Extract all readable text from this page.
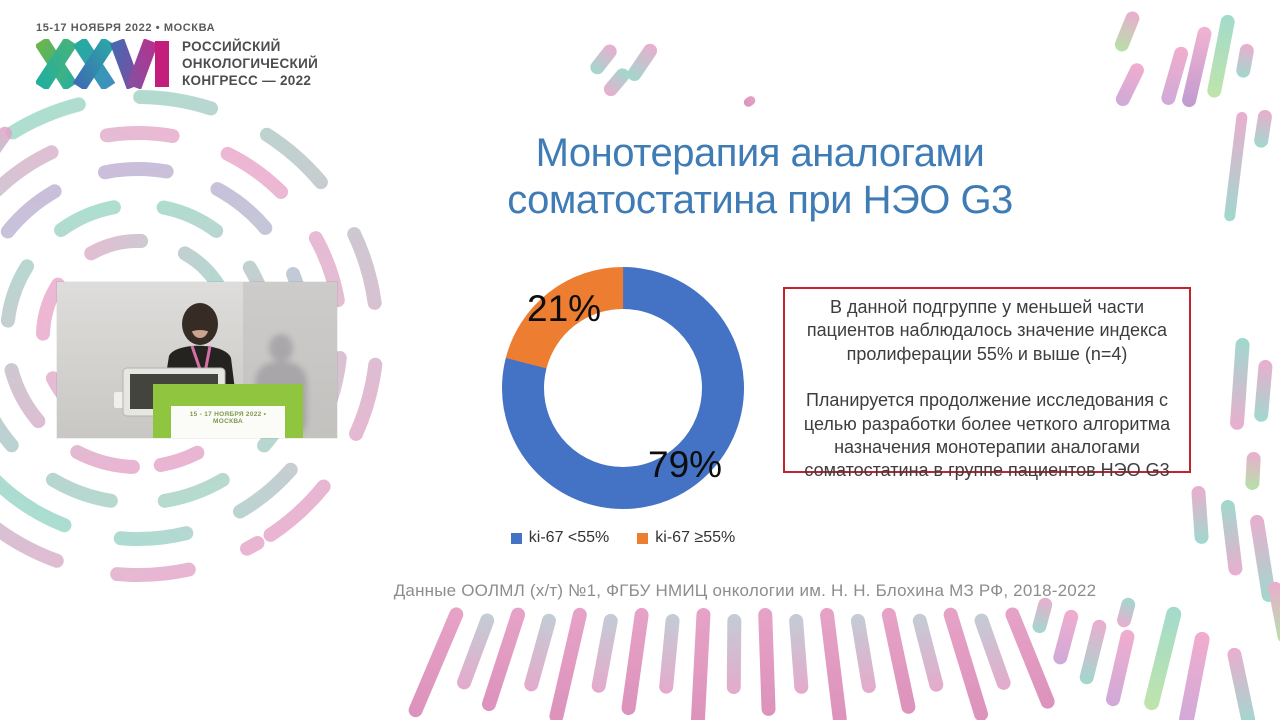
15-17 НОЯБРЯ 2022 • МОСКВА
РОССИЙСКИЙ
ОНКОЛОГИЧЕСКИЙ
КОНГРЕСС — 2022
Монотерапия аналогами
соматостатина при НЭО G3
21%
79%
ki-67 <55%	ki-67 ≥55%

В данной подгруппе у меньшей части пациентов наблюдалось значение индекса пролиферации 55% и выше (n=4)

Планируется продолжение исследования с целью разработки более четкого алгоритма назначения монотерапии аналогами соматостатина в группе пациентов НЭО G3

Данные ООЛМЛ (х/т) №1, ФГБУ НМИЦ онкологии им. Н. Н. Блохина МЗ РФ, 2018-2022
15 - 17 НОЯБРЯ 2022 • МОСКВА
